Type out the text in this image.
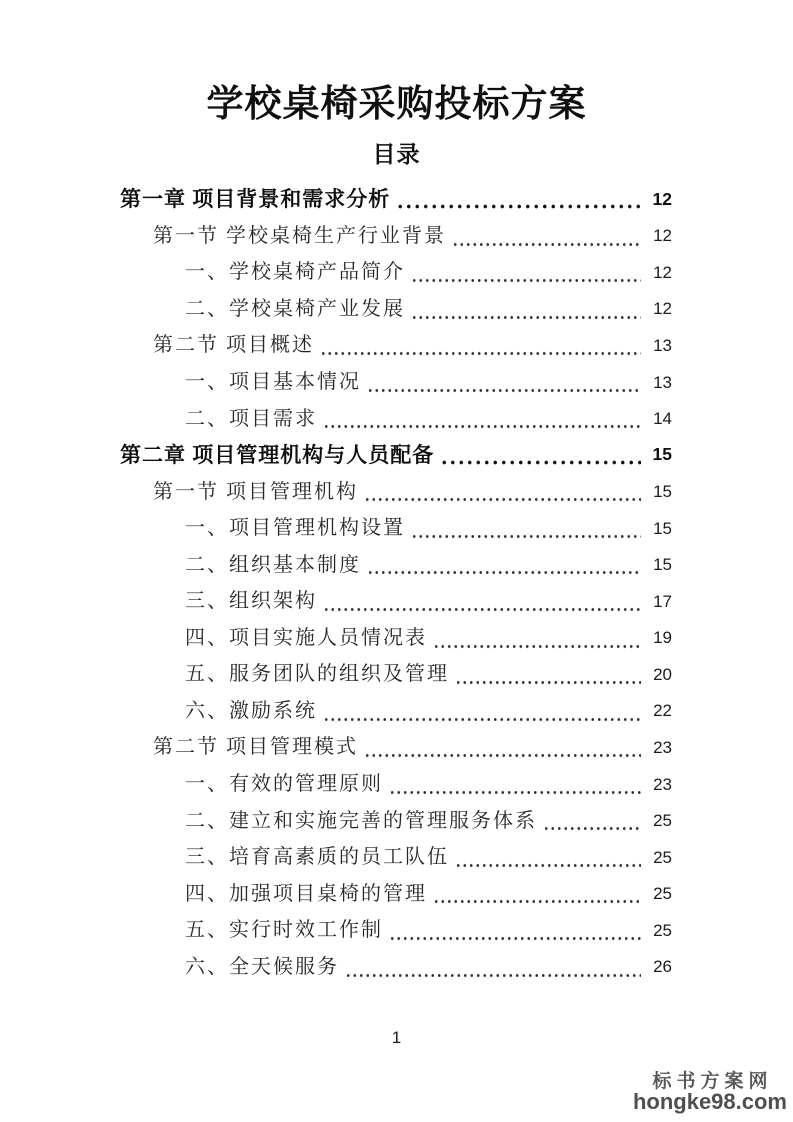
学校桌椅采购投标方案
目录
第一章 项目背景和需求分析	12
第一节 学校桌椅生产行业背景	12
一、学校桌椅产品简介	12
二、学校桌椅产业发展	12
第二节 项目概述	13
一、项目基本情况	13
二、项目需求	14
第二章 项目管理机构与人员配备	15
第一节 项目管理机构	15
一、项目管理机构设置	15
二、组织基本制度	15
三、组织架构	17
四、项目实施人员情况表	19
五、服务团队的组织及管理	20
六、激励系统	22
第二节 项目管理模式	23
一、有效的管理原则	23
二、建立和实施完善的管理服务体系	25
三、培育高素质的员工队伍	25
四、加强项目桌椅的管理	25
五、实行时效工作制	25
六、全天候服务	26
1
标书方案网
hongke98.com
